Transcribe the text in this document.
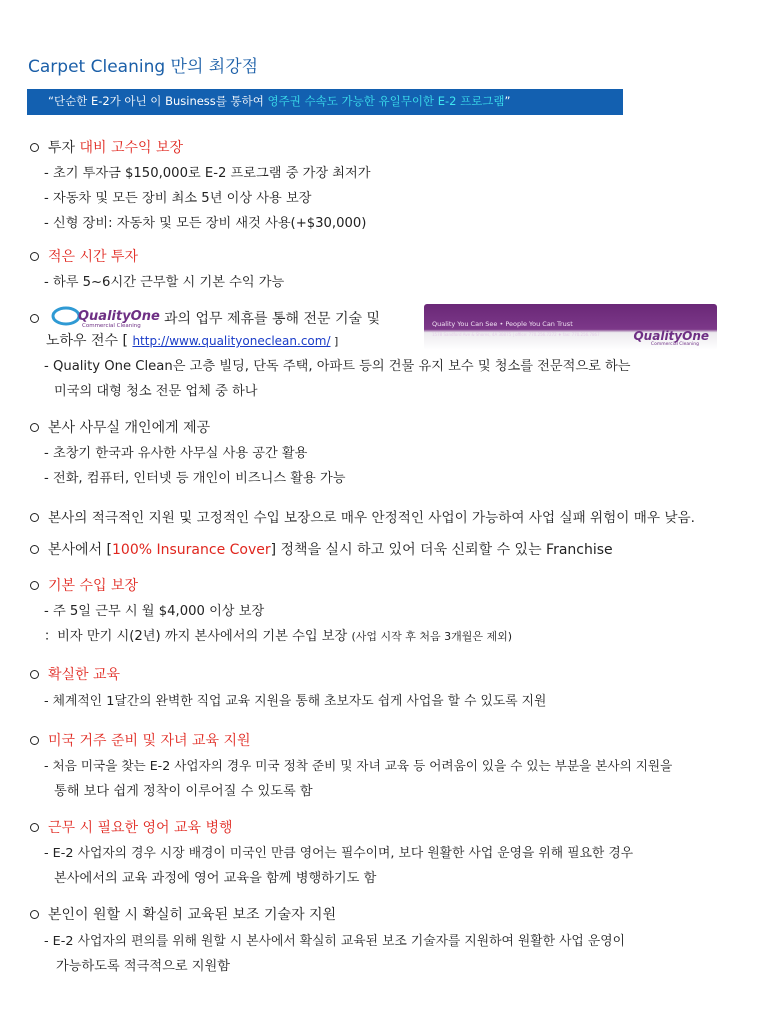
Carpet Cleaning 만의 최강점
“단순한 E-2가 아닌 이 Business를 통하여 영주권 수속도 가능한 유일무이한 E-2 프로그램”
투자 대비 고수익 보장
- 초기 투자금 $150,000로 E-2 프로그램 중 가장 최저가
- 자동차 및 모든 장비 최소 5년 이상 사용 보장
- 신형 장비: 자동차 및 모든 장비 새것 사용(+$30,000)
적은 시간 투자
- 하루 5~6시간 근무할 시 기본 수익 가능
QualityOne
Commercial Cleaning 과의 업무 제휴를 통해 전문 기술 및
노하우 전수 [ http://www.qualityoneclean.com/ ]
- Quality One Clean은 고층 빌딩, 단독 주택, 아파트 등의 건물 유지 보수 및 청소를 전문적으로 하는
미국의 대형 청소 전문 업체 중 하나
Quality You Can See • People You Can Trust
1578 Sandford Ave & Shores, 4A 30875 | office: 770.256.7272 ♦ fax: 770.256.7867	QualityOne
Commercial Cleaning
본사 사무실 개인에게 제공
- 초창기 한국과 유사한 사무실 사용 공간 활용
- 전화, 컴퓨터, 인터넷 등 개인이 비즈니스 활용 가능
본사의 적극적인 지원 및 고정적인 수입 보장으로 매우 안정적인 사업이 가능하여 사업 실패 위험이 매우 낮음.
본사에서 [100% Insurance Cover] 정책을 실시 하고 있어 더욱 신뢰할 수 있는 Franchise
기본 수입 보장
- 주 5일 근무 시 월 $4,000 이상 보장
：비자 만기 시(2년) 까지 본사에서의 기본 수입 보장 (사업 시작 후 처음 3개월은 제외)
확실한 교육
- 체계적인 1달간의 완벽한 직업 교육 지원을 통해 초보자도 쉽게 사업을 할 수 있도록 지원
미국 거주 준비 및 자녀 교육 지원
- 처음 미국을 찾는 E-2 사업자의 경우 미국 정착 준비 및 자녀 교육 등 어려움이 있을 수 있는 부분을 본사의 지원을
통해 보다 쉽게 정착이 이루어질 수 있도록 함
근무 시 필요한 영어 교육 병행
- E-2 사업자의 경우 시장 배경이 미국인 만큼 영어는 필수이며, 보다 원활한 사업 운영을 위해 필요한 경우
본사에서의 교육 과정에 영어 교육을 함께 병행하기도 함
본인이 원할 시 확실히 교육된 보조 기술자 지원
- E-2 사업자의 편의를 위해 원할 시 본사에서 확실히 교육된 보조 기술자를 지원하여 원활한 사업 운영이
가능하도록 적극적으로 지원함
